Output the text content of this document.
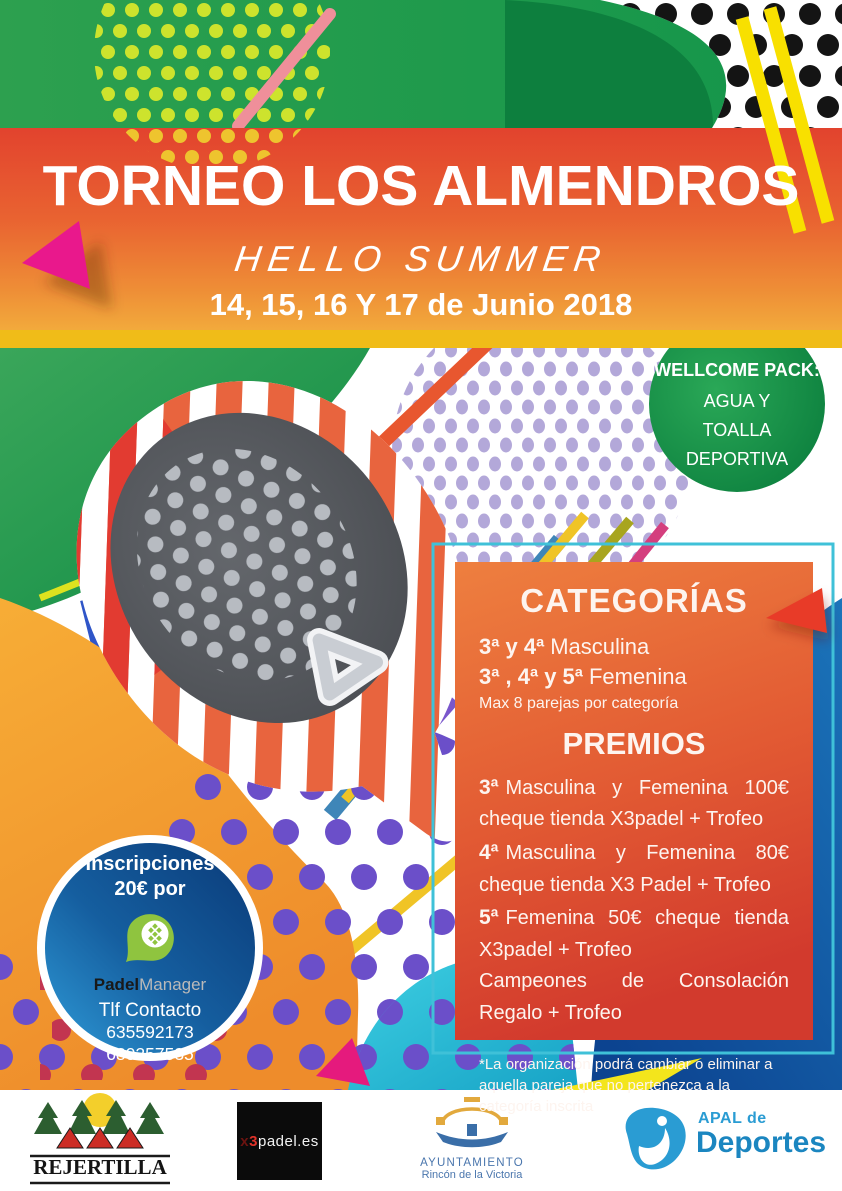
TORNEO LOS ALMENDROS
HELLO SUMMER
14, 15, 16 Y 17 de Junio 2018
WELLCOME PACK:
AGUA Y
TOALLA
DEPORTIVA
CATEGORÍAS
3ª y 4ª Masculina
3ª , 4ª y 5ª Femenina
Max 8 parejas por categoría
PREMIOS

3ª Masculina y Femenina 100€ cheque tienda X3padel + Trofeo

4ª Masculina y Femenina 80€ cheque tienda X3 Padel + Trofeo

5ª Femenina 50€ cheque tienda X3padel + Trofeo

Campeones de Consolación Regalo + Trofeo

*La organización podrá cambiar o eliminar a aquella pareja que no pertenezca a la categoría inscrita

Inscripciones
20€ por
PadelManager
Tlf Contacto
635592173
680257535
REJERTILLA
x 3 padel.es
AYUNTAMIENTO
Rincón de la Victoria
APAL de
Deportes
